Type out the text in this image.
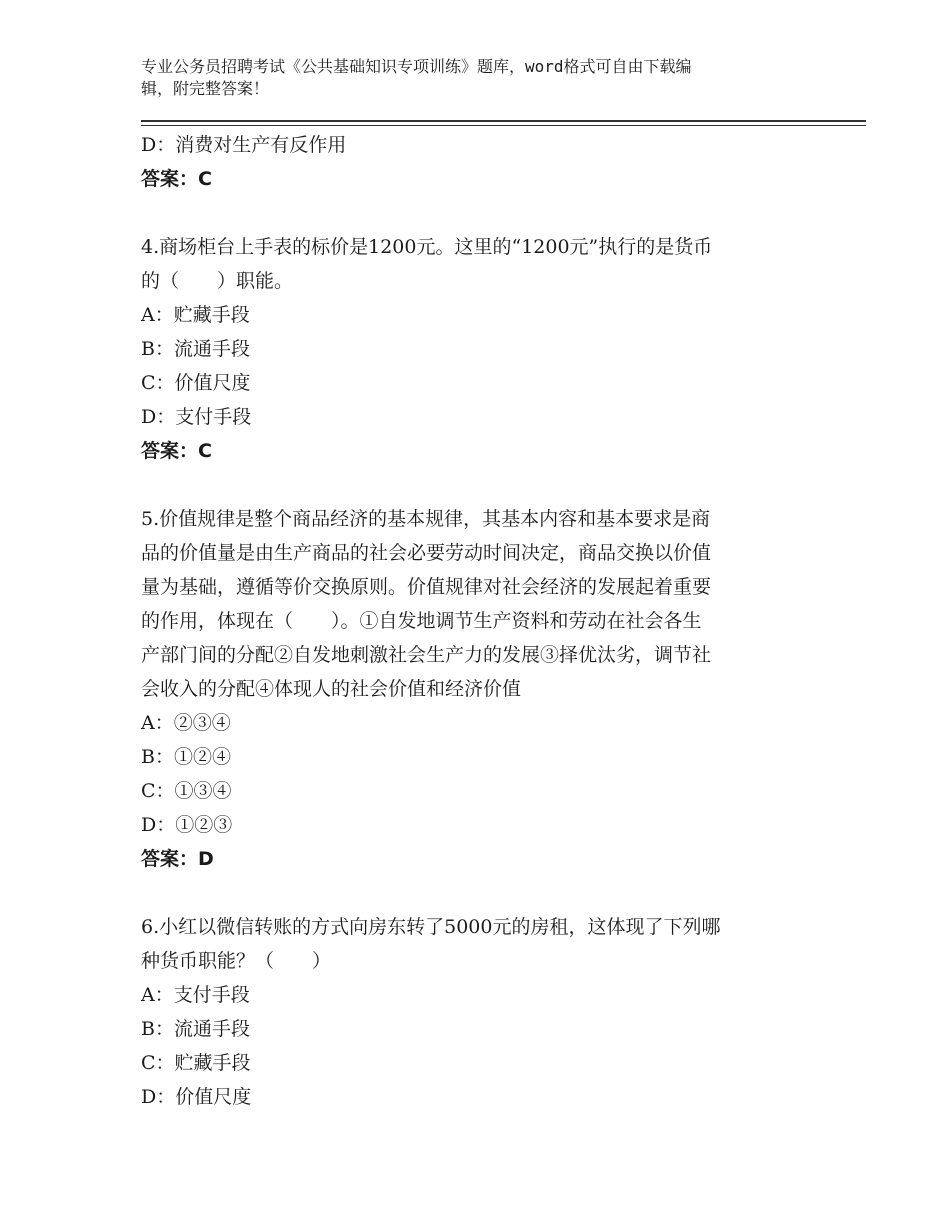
专业公务员招聘考试《公共基础知识专项训练》题库，word格式可自由下载编
辑，附完整答案！
D：消费对生产有反作用
答案：C
4.商场柜台上手表的标价是1200元。这里的“1200元”执行的是货币
的（　　）职能。
A：贮藏手段
B：流通手段
C：价值尺度
D：支付手段
答案：C
5.价值规律是整个商品经济的基本规律，其基本内容和基本要求是商
品的价值量是由生产商品的社会必要劳动时间决定，商品交换以价值
量为基础，遵循等价交换原则。价值规律对社会经济的发展起着重要
的作用，体现在（　　）。①自发地调节生产资料和劳动在社会各生
产部门间的分配②自发地刺激社会生产力的发展③择优汰劣，调节社
会收入的分配④体现人的社会价值和经济价值
A：②③④
B：①②④
C：①③④
D：①②③
答案：D
6.小红以微信转账的方式向房东转了5000元的房租，这体现了下列哪
种货币职能？（　　）
A：支付手段
B：流通手段
C：贮藏手段
D：价值尺度
